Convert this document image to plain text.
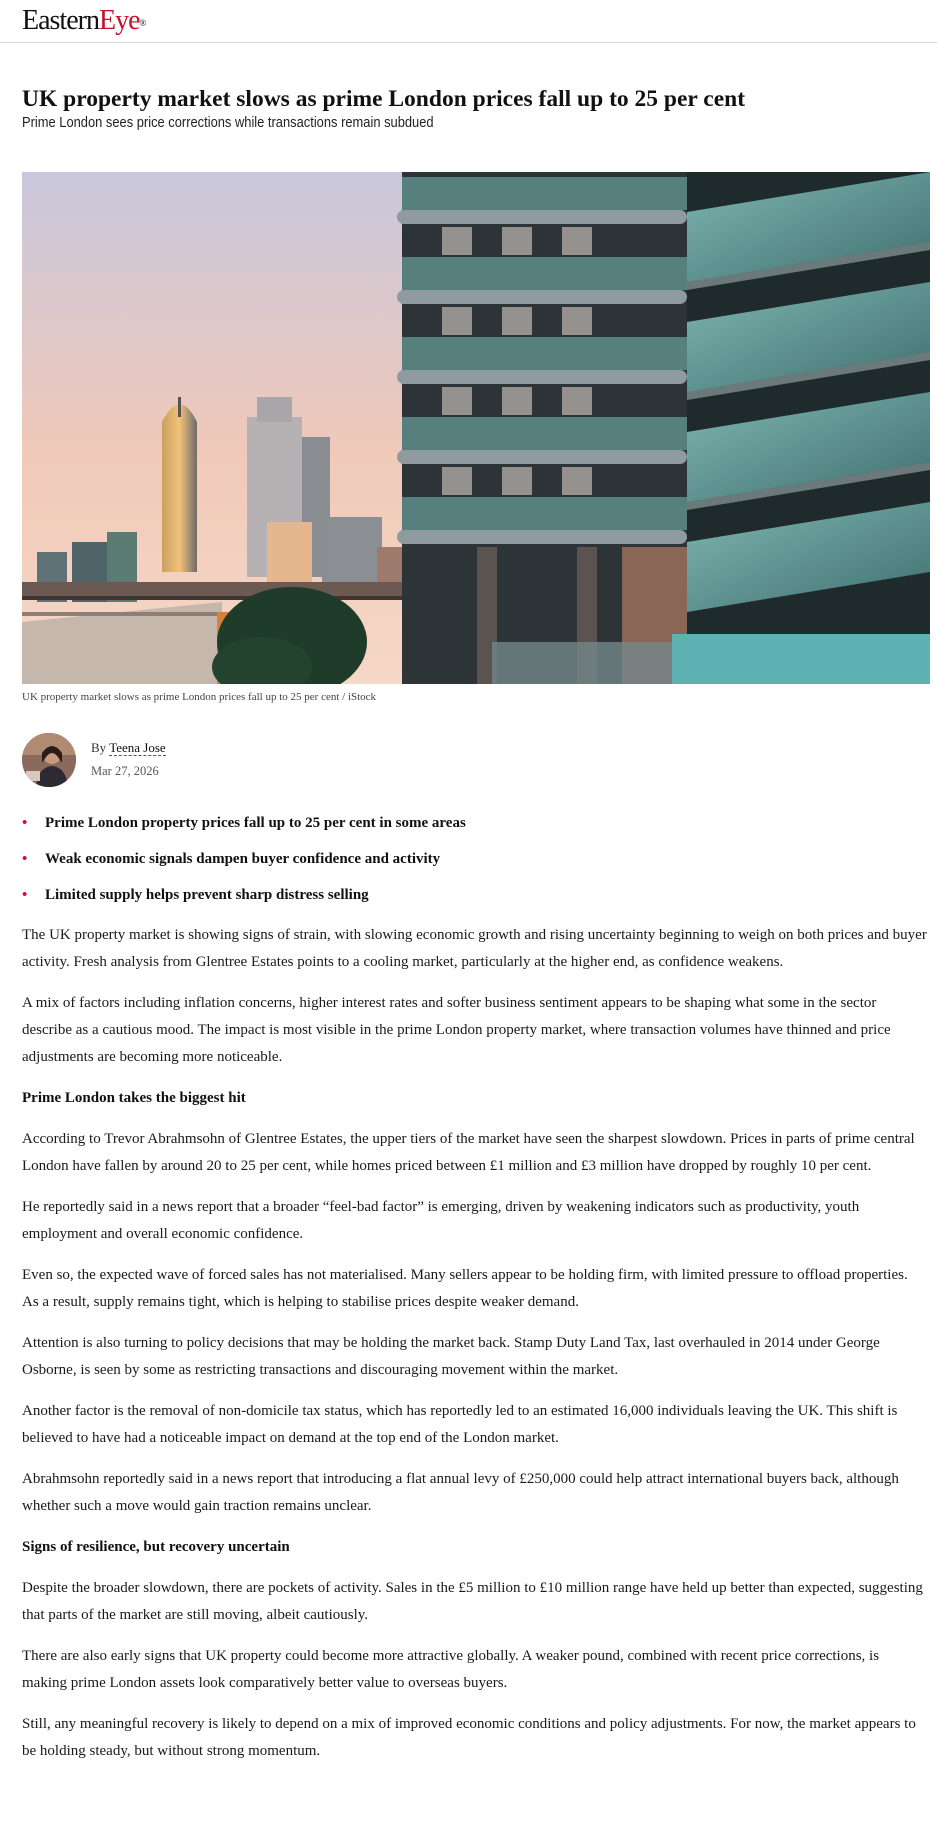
EasternEye®
UK property market slows as prime London prices fall up to 25 per cent
Prime London sees price corrections while transactions remain subdued
UK property market slows as prime London prices fall up to 25 per cent / iStock
By Teena Jose
Mar 27, 2026
• Prime London property prices fall up to 25 per cent in some areas
• Weak economic signals dampen buyer confidence and activity
• Limited supply helps prevent sharp distress selling

The UK property market is showing signs of strain, with slowing economic growth and rising uncertainty beginning to weigh on both prices and buyer activity. Fresh analysis from Glentree Estates points to a cooling market, particularly at the higher end, as confidence weakens.

A mix of factors including inflation concerns, higher interest rates and softer business sentiment appears to be shaping what some in the sector describe as a cautious mood. The impact is most visible in the prime London property market, where transaction volumes have thinned and price adjustments are becoming more noticeable.

Prime London takes the biggest hit

According to Trevor Abrahmsohn of Glentree Estates, the upper tiers of the market have seen the sharpest slowdown. Prices in parts of prime central London have fallen by around 20 to 25 per cent, while homes priced between £1 million and £3 million have dropped by roughly 10 per cent.

He reportedly said in a news report that a broader “feel-bad factor” is emerging, driven by weakening indicators such as productivity, youth employment and overall economic confidence.

Even so, the expected wave of forced sales has not materialised. Many sellers appear to be holding firm, with limited pressure to offload properties. As a result, supply remains tight, which is helping to stabilise prices despite weaker demand.

Attention is also turning to policy decisions that may be holding the market back. Stamp Duty Land Tax, last overhauled in 2014 under George Osborne, is seen by some as restricting transactions and discouraging movement within the market.

Another factor is the removal of non-domicile tax status, which has reportedly led to an estimated 16,000 individuals leaving the UK. This shift is believed to have had a noticeable impact on demand at the top end of the London market.

Abrahmsohn reportedly said in a news report that introducing a flat annual levy of £250,000 could help attract international buyers back, although whether such a move would gain traction remains unclear.

Signs of resilience, but recovery uncertain

Despite the broader slowdown, there are pockets of activity. Sales in the £5 million to £10 million range have held up better than expected, suggesting that parts of the market are still moving, albeit cautiously.

There are also early signs that UK property could become more attractive globally. A weaker pound, combined with recent price corrections, is making prime London assets look comparatively better value to overseas buyers.

Still, any meaningful recovery is likely to depend on a mix of improved economic conditions and policy adjustments. For now, the market appears to be holding steady, but without strong momentum.
